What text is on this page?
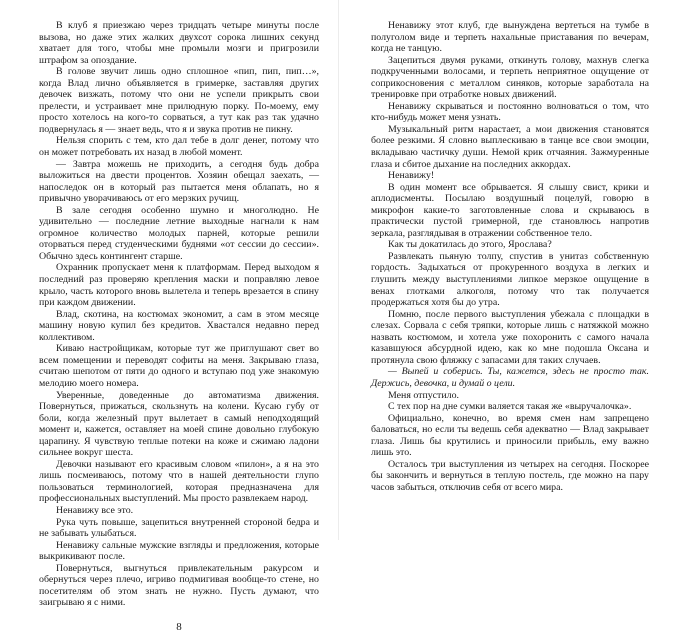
В клуб я приезжаю через тридцать четыре минуты после вызова, но даже этих жалких двухсот сорока лишних секунд хватает для того, чтобы мне промыли мозги и пригрозили штрафом за опоздание.

В голове звучит лишь одно сплошное «пип, пип, пип…», когда Влад лично объявляется в гримерке, заставляя других девочек визжать, потому что они не успели прикрыть свои прелести, и устраивает мне прилюдную порку. По-моему, ему просто хотелось на кого-то сорваться, а тут как раз так удачно подвернулась я — знает ведь, что я и звука против не пикну.

Нельзя спорить с тем, кто дал тебе в долг денег, потому что он может потребовать их назад в любой момент.

— Завтра можешь не приходить, а сегодня будь добра выложиться на двести процентов. Хозяин обещал заехать, — напоследок он в который раз пытается меня облапать, но я привычно уворачиваюсь от его мерзких ручищ.

В зале сегодня особенно шумно и многолюдно. Не удивительно — последние летние выходные нагнали к нам огромное количество молодых парней, которые решили оторваться перед студенческими буднями «от сессии до сессии». Обычно здесь контингент старше.

Охранник пропускает меня к платформам. Перед выходом я последний раз проверяю крепления маски и поправляю левое крыло, часть которого вновь вылетела и теперь врезается в спину при каждом движении.

Влад, скотина, на костюмах экономит, а сам в этом месяце машину новую купил без кредитов. Хвастался недавно перед коллективом.

Киваю настройщикам, которые тут же приглушают свет во всем помещении и переводят софиты на меня. Закрываю глаза, считаю шепотом от пяти до одного и вступаю под уже знакомую мелодию моего номера.

Уверенные, доведенные до автоматизма движения. Повернуться, прижаться, скользнуть на колени. Кусаю губу от боли, когда железный прут вылетает в самый неподходящий момент и, кажется, оставляет на моей спине довольно глубокую царапину. Я чувствую теплые потеки на коже и сжимаю ладони сильнее вокруг шеста.

Девочки называют его красивым словом «пилон», а я на это лишь посмеиваюсь, потому что в нашей деятельности глупо пользоваться терминологией, которая предназначена для профессиональных выступлений. Мы просто развлекаем народ.

Ненавижу все это.

Рука чуть повыше, зацепиться внутренней стороной бедра и не забывать улыбаться.

Ненавижу сальные мужские взгляды и предложения, которые выкрикивают после.

Повернуться, выгнуться привлекательным ракурсом и обернуться через плечо, игриво подмигивая вообще-то стене, но посетителям об этом знать не нужно. Пусть думают, что заигрываю я с ними.

8

Ненавижу этот клуб, где вынуждена вертеться на тумбе в полуголом виде и терпеть нахальные приставания по вечерам, когда не танцую.

Зацепиться двумя руками, откинуть голову, махнув слегка подкрученными волосами, и терпеть неприятное ощущение от соприкосновения с металлом синяков, которые заработала на тренировке при отработке новых движений.

Ненавижу скрываться и постоянно волноваться о том, что кто-нибудь может меня узнать.

Музыкальный ритм нарастает, а мои движения становятся более резкими. Я словно выплескиваю в танце все свои эмоции, вкладываю частичку души. Немой крик отчаяния. Зажмуренные глаза и сбитое дыхание на последних аккордах.

Ненавижу!

В один момент все обрывается. Я слышу свист, крики и аплодисменты. Посылаю воздушный поцелуй, говорю в микрофон какие-то заготовленные слова и скрываюсь в практически пустой гримерной, где становлюсь напротив зеркала, разглядывая в отражении собственное тело.

Как ты докатилась до этого, Ярослава?

Развлекать пьяную толпу, спустив в унитаз собственную гордость. Задыхаться от прокуренного воздуха в легких и глушить между выступлениями липкое мерзкое ощущение в венах глотками алкоголя, потому что так получается продержаться хотя бы до утра.

Помню, после первого выступления убежала с площадки в слезах. Сорвала с себя тряпки, которые лишь с натяжкой можно назвать костюмом, и хотела уже похоронить с самого начала казавшуюся абсурдной идею, как ко мне подошла Оксана и протянула свою фляжку с запасами для таких случаев.

— Выпей и соберись. Ты, кажется, здесь не просто так. Держись, девочка, и думай о цели.

Меня отпустило.

С тех пор на дне сумки валяется такая же «выручалочка».

Официально, конечно, во время смен нам запрещено баловаться, но если ты ведешь себя адекватно — Влад закрывает глаза. Лишь бы крутились и приносили прибыль, ему важно лишь это.

Осталось три выступления из четырех на сегодня. Поскорее бы закончить и вернуться в теплую постель, где можно на пару часов забыться, отключив себя от всего мира.
